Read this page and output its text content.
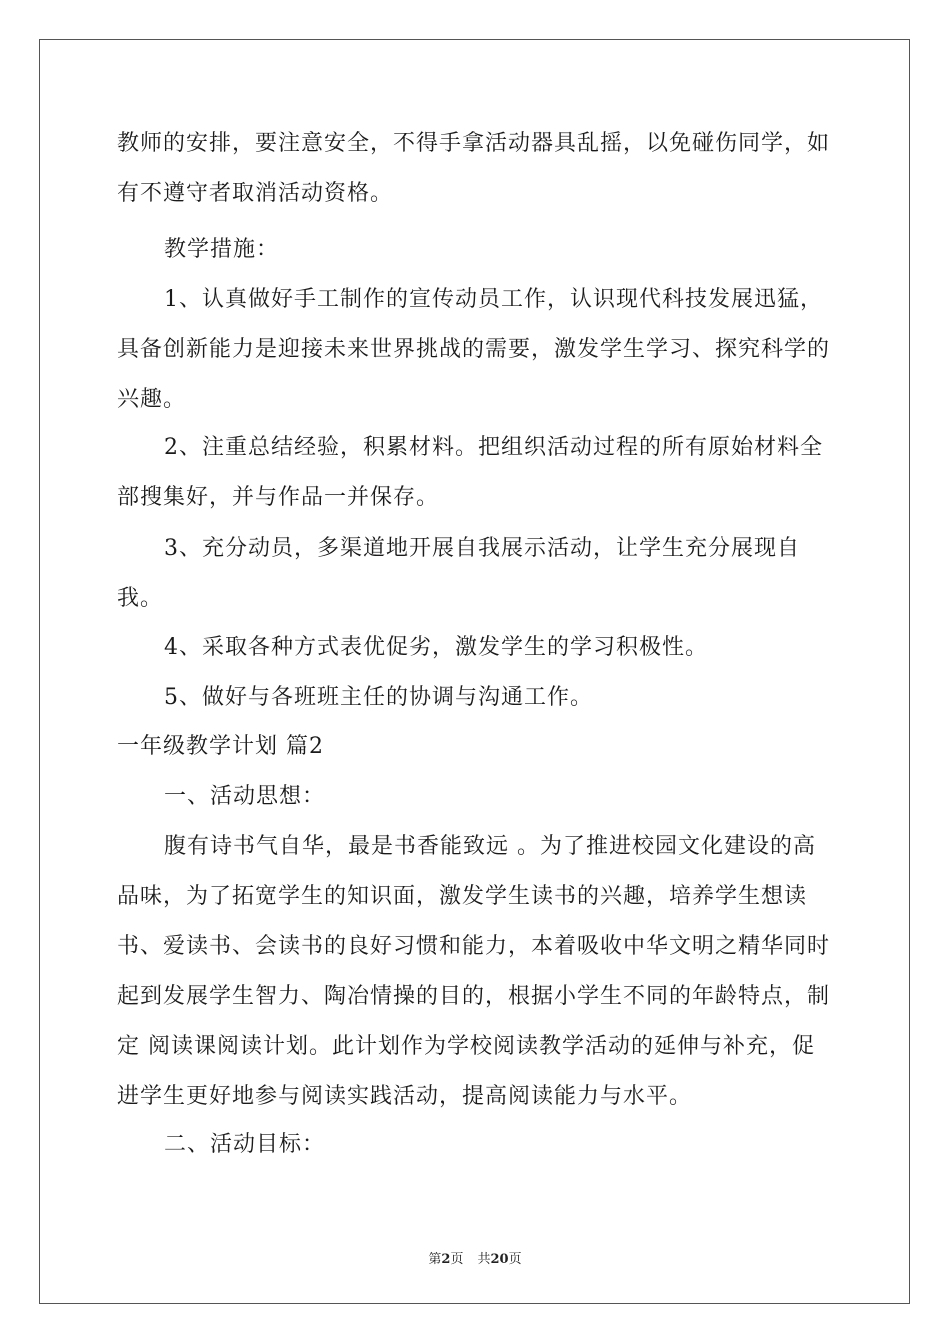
教师的安排，要注意安全，不得手拿活动器具乱摇，以免碰伤同学，如有不遵守者取消活动资格。

教学措施：

1、认真做好手工制作的宣传动员工作，认识现代科技发展迅猛，具备创新能力是迎接未来世界挑战的需要，激发学生学习、探究科学的兴趣。

2、注重总结经验，积累材料。把组织活动过程的所有原始材料全部搜集好，并与作品一并保存。

3、充分动员，多渠道地开展自我展示活动，让学生充分展现自我。

4、采取各种方式表优促劣，激发学生的学习积极性。

5、做好与各班班主任的协调与沟通工作。

一年级教学计划 篇2

一、活动思想：

腹有诗书气自华，最是书香能致远 。为了推进校园文化建设的高品味，为了拓宽学生的知识面，激发学生读书的兴趣，培养学生想读书、爱读书、会读书的良好习惯和能力，本着吸收中华文明之精华同时起到发展学生智力、陶冶情操的目的，根据小学生不同的年龄特点，制定 阅读课阅读计划。此计划作为学校阅读教学活动的延伸与补充，促进学生更好地参与阅读实践活动，提高阅读能力与水平。

二、活动目标：

第2页 共20页
